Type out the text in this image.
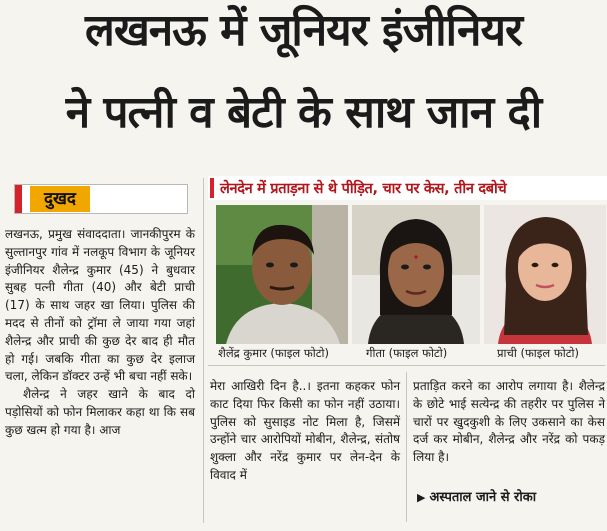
लखनऊ में जूनियर इंजीनियर
ने पत्नी व बेटी के साथ जान दी
दुखद

लखनऊ, प्रमुख संवाददाता। जानकीपुरम के सुल्तानपुर गांव में नलकूप विभाग के जूनियर इंजीनियर शैलेन्द्र कुमार (45) ने बुधवार सुबह पत्नी गीता (40) और बेटी प्राची (17) के साथ जहर खा लिया। पुलिस की मदद से तीनों को ट्रॉमा ले जाया गया जहां शैलेन्द्र और प्राची की कुछ देर बाद ही मौत हो गई। जबकि गीता का कुछ देर इलाज चला, लेकिन डॉक्टर उन्हें भी बचा नहीं सके।

शैलेन्द्र ने जहर खाने के बाद दो पड़ोसियों को फोन मिलाकर कहा था कि सब कुछ खत्म हो गया है। आज

लेनदेन में प्रताड़ना से थे पीड़ित, चार पर केस, तीन दबोचे
शैलेंद्र कुमार (फाइल फोटो)	गीता (फाइल फोटो)	प्राची (फाइल फोटो)

मेरा आखिरी दिन है..। इतना कहकर फोन काट दिया फिर किसी का फोन नहीं उठाया। पुलिस को सुसाइड नोट मिला है, जिसमें उन्होंने चार आरोपियों मोबीन, शैलेन्द्र, संतोष शुक्ला और नरेंद्र कुमार पर लेन-देन के विवाद में

प्रताड़ित करने का आरोप लगाया है। शैलेन्द्र के छोटे भाई सत्येन्द्र की तहरीर पर पुलिस ने चारों पर खुदकुशी के लिए उकसाने का केस दर्ज कर मोबीन, शैलेन्द्र और नरेंद्र को पकड़ लिया है।

▶ अस्पताल जाने से रोका
